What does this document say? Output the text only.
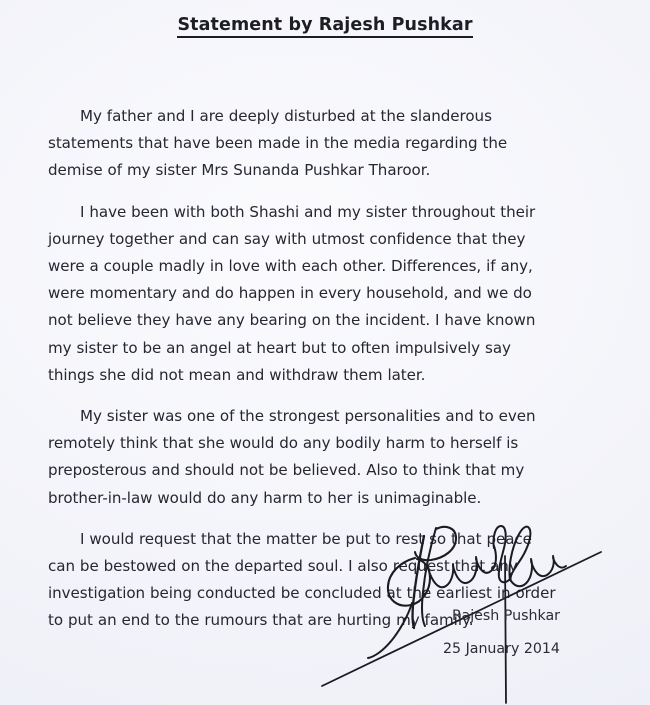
Statement by Rajesh Pushkar

My father and I are deeply disturbed at the slanderous statements that have been made in the media regarding the demise of my sister Mrs Sunanda Pushkar Tharoor.

I have been with both Shashi and my sister throughout their journey together and can say with utmost confidence that they were a couple madly in love with each other. Differences, if any, were momentary and do happen in every household, and we do not believe they have any bearing on the incident. I have known my sister to be an angel at heart but to often impulsively say things she did not mean and withdraw them later.

My sister was one of the strongest personalities and to even remotely think that she would do any bodily harm to herself is preposterous and should not be believed. Also to think that my brother-in-law would do any harm to her is unimaginable.

I would request that the matter be put to rest so that peace can be bestowed on the departed soul. I also request that any investigation being conducted be concluded at the earliest in order to put an end to the rumours that are hurting my family.

Rajesh Pushkar
25 January 2014
